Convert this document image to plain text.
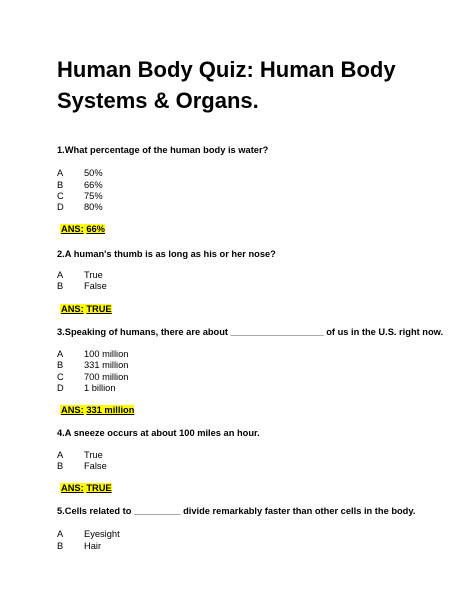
Human Body Quiz: Human Body Systems & Organs.

1.What percentage of the human body is water?

A 50%
B 66%
C 75%
D 80%

ANS: 66%

2.A human's thumb is as long as his or her nose?

A True
B False

ANS: TRUE

3.Speaking of humans, there are about __________________ of us in the U.S. right now.

A 100 million
B 331 million
C 700 million
D 1 billion

ANS: 331 million

4.A sneeze occurs at about 100 miles an hour.

A True
B False

ANS: TRUE

5.Cells related to _________ divide remarkably faster than other cells in the body.

A Eyesight
B Hair
